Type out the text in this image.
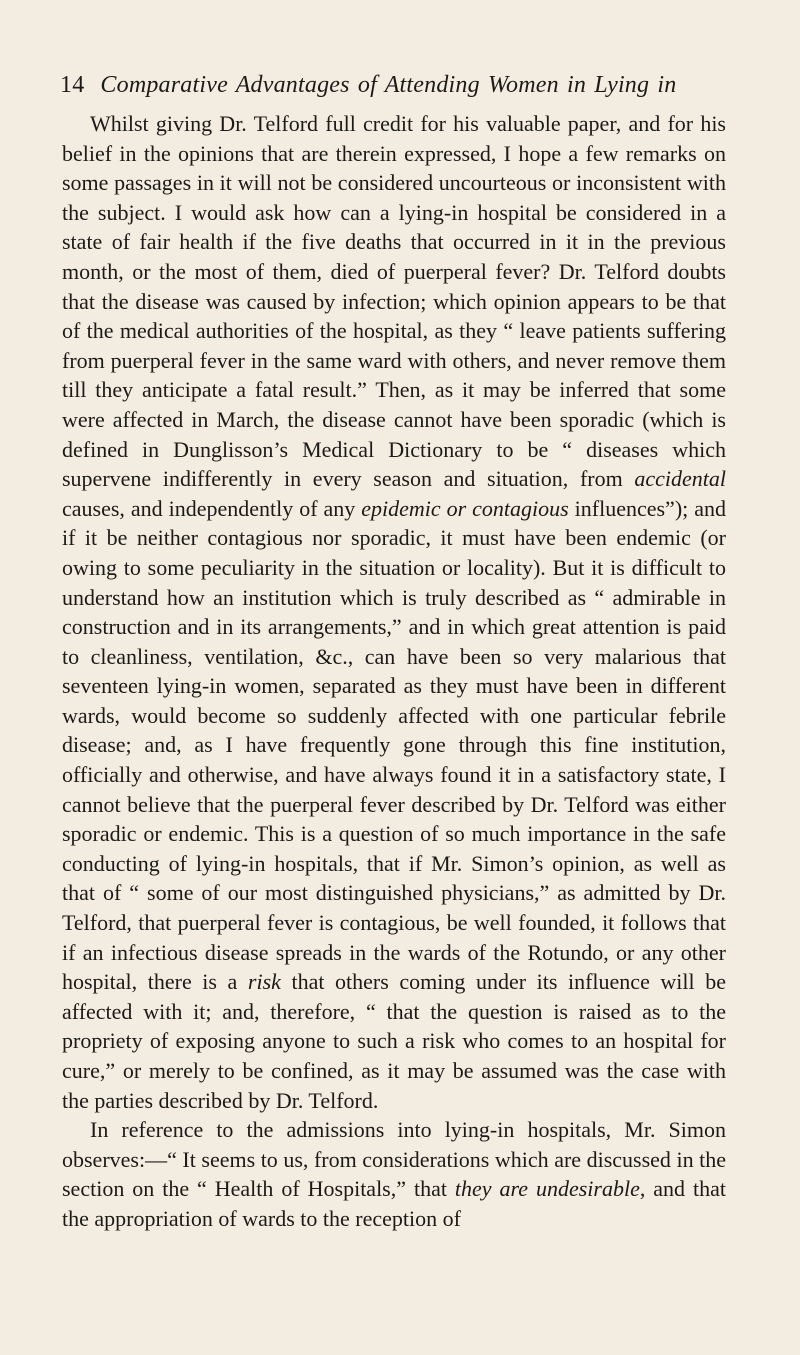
14 Comparative Advantages of Attending Women in Lying in

Whilst giving Dr. Telford full credit for his valuable paper, and for his belief in the opinions that are therein expressed, I hope a few remarks on some passages in it will not be considered uncourteous or inconsistent with the subject. I would ask how can a lying-in hospital be considered in a state of fair health if the five deaths that occurred in it in the previous month, or the most of them, died of puerperal fever? Dr. Telford doubts that the disease was caused by infection; which opinion appears to be that of the medical authorities of the hospital, as they “ leave patients suffering from puerperal fever in the same ward with others, and never remove them till they anticipate a fatal result.” Then, as it may be inferred that some were affected in March, the disease cannot have been sporadic (which is defined in Dunglisson’s Medical Dictionary to be “ diseases which supervene indifferently in every season and situation, from accidental causes, and independently of any epidemic or contagious influences”); and if it be neither contagious nor sporadic, it must have been endemic (or owing to some peculiarity in the situation or locality). But it is difficult to understand how an institution which is truly described as “ admirable in construction and in its arrangements,” and in which great attention is paid to cleanliness, ventilation, &c., can have been so very malarious that seventeen lying-in women, separated as they must have been in different wards, would become so suddenly affected with one particular febrile disease; and, as I have frequently gone through this fine institution, officially and otherwise, and have always found it in a satisfactory state, I cannot believe that the puerperal fever described by Dr. Telford was either sporadic or endemic. This is a question of so much importance in the safe conducting of lying-in hospitals, that if Mr. Simon’s opinion, as well as that of “ some of our most distinguished physicians,” as admitted by Dr. Telford, that puerperal fever is contagious, be well founded, it follows that if an infectious disease spreads in the wards of the Rotundo, or any other hospital, there is a risk that others coming under its influence will be affected with it; and, therefore, “ that the question is raised as to the propriety of exposing anyone to such a risk who comes to an hospital for cure,” or merely to be confined, as it may be assumed was the case with the parties described by Dr. Telford.

In reference to the admissions into lying-in hospitals, Mr. Simon observes:—“ It seems to us, from considerations which are discussed in the section on the “ Health of Hospitals,” that they are undesirable, and that the appropriation of wards to the reception of
